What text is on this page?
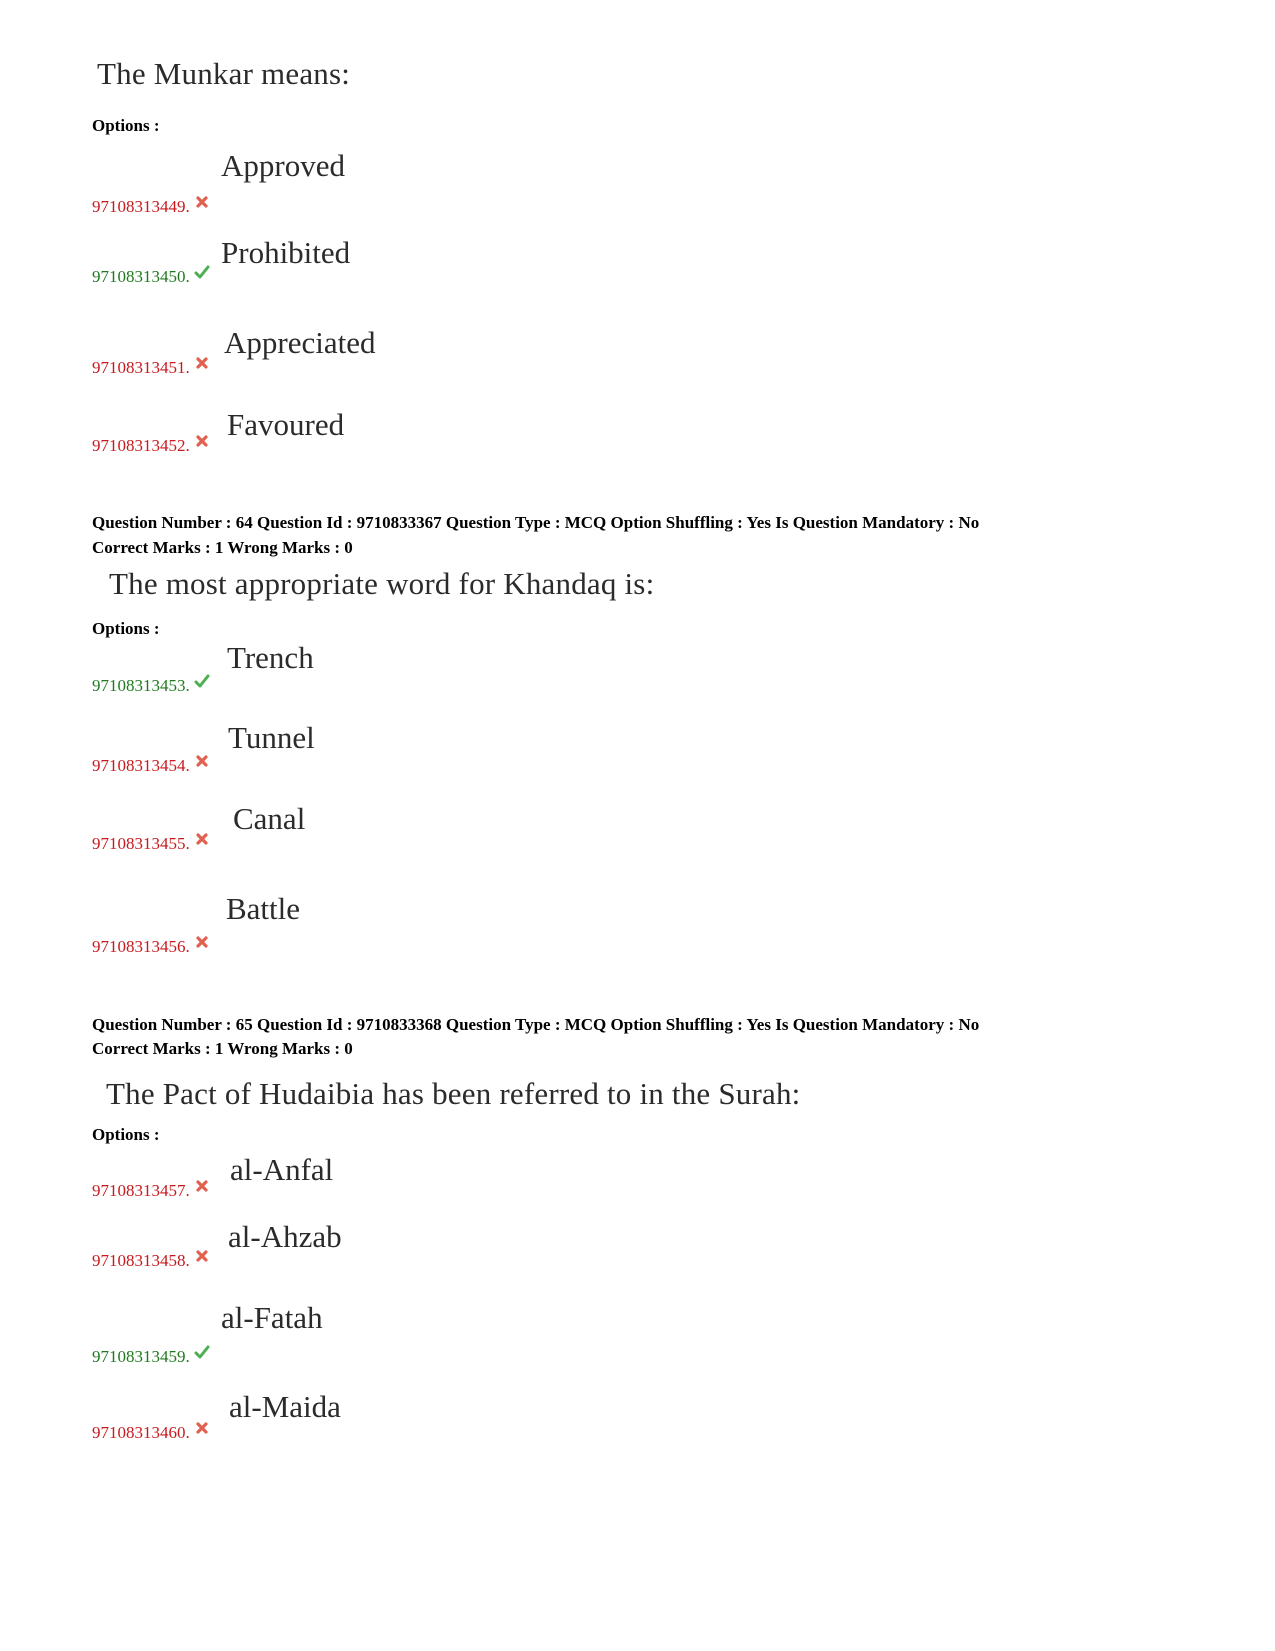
The Munkar means:
Options :
Approved
97108313449.
Prohibited
97108313450.
Appreciated
97108313451.
Favoured
97108313452.
Question Number : 64 Question Id : 9710833367 Question Type : MCQ Option Shuffling : Yes Is Question Mandatory : No
Correct Marks : 1 Wrong Marks : 0
The most appropriate word for Khandaq is:
Options :
Trench
97108313453.
Tunnel
97108313454.
Canal
97108313455.
Battle
97108313456.
Question Number : 65 Question Id : 9710833368 Question Type : MCQ Option Shuffling : Yes Is Question Mandatory : No
Correct Marks : 1 Wrong Marks : 0
The Pact of Hudaibia has been referred to in the Surah:
Options :
al-Anfal
97108313457.
al-Ahzab
97108313458.
al-Fatah
97108313459.
al-Maida
97108313460.
